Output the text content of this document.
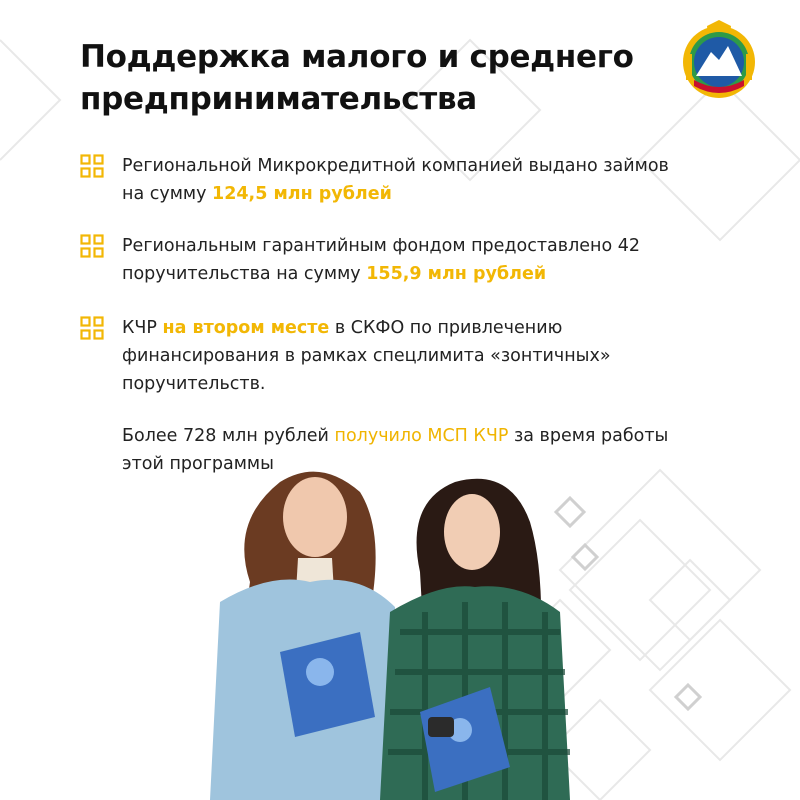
Поддержка малого и среднего
предпринимательства

Региональной Микрокредитной компанией выдано займов
на сумму 124,5 млн рублей

Региональным гарантийным фондом предоставлено 42
поручительства на сумму 155,9 млн рублей

КЧР на втором месте в СКФО по привлечению
финансирования в рамках спецлимита «зонтичных»
поручительств.

Более 728 млн рублей получило МСП КЧР за время работы
этой программы
